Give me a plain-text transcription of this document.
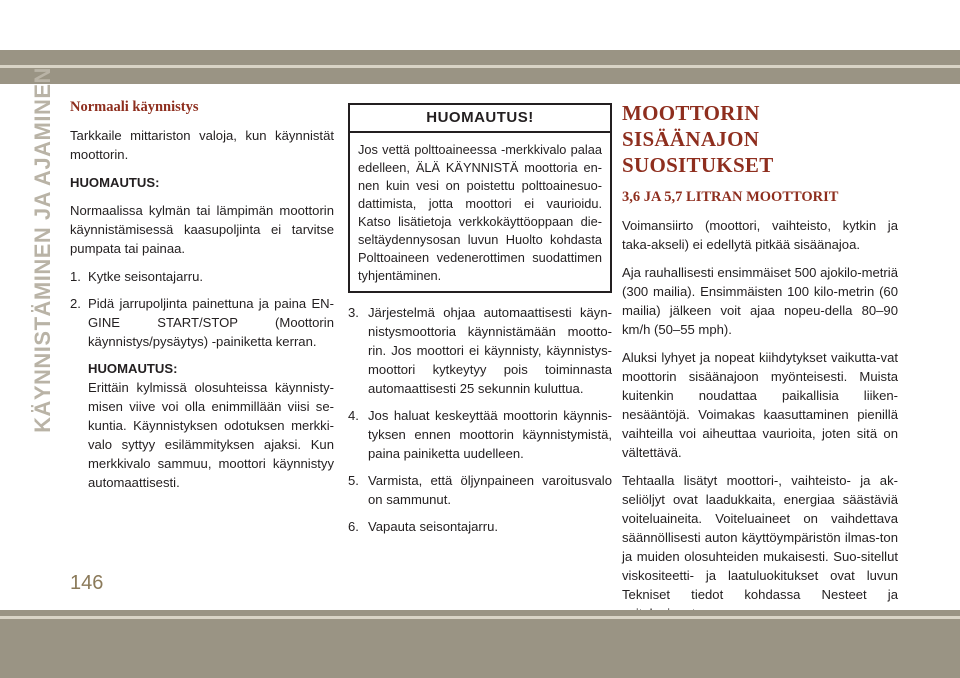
KÄYNNISTÄMINEN JA AJAMINEN Normaali käynnistys

Tarkkaile mittariston valoja, kun käynnistät moottorin.

HUOMAUTUS:

Normaalissa kylmän tai lämpimän moottorin käynnistämisessä kaasupoljinta ei tarvitse pumpata tai painaa.

1. Kytke seisontajarru.
2. Pidä jarrupoljinta painettuna ja paina EN-GINE START/STOP (Moottorin käynnistys/pysäytys) -painiketta kerran.

HUOMAUTUS:

Erittäin kylmissä olosuhteissa käynnisty-misen viive voi olla enimmillään viisi se-kuntia. Käynnistyksen odotuksen merkki-valo syttyy esilämmityksen ajaksi. Kun merkkivalo sammuu, moottori käynnistyy automaattisesti.

HUOMAUTUS!
Jos vettä polttoaineessa -merkkivalo palaa edelleen, ÄLÄ KÄYNNISTÄ moottoria en-nen kuin vesi on poistettu polttoainesuo-dattimista, jotta moottori ei vaurioidu. Katso lisätietoja verkkokäyttöoppaan die-seltäydennysosan luvun Huolto kohdasta Polttoaineen vedenerottimen suodattimen tyhjentäminen.
3. Järjestelmä ohjaa automaattisesti käyn-nistysmoottoria käynnistämään mootto-rin. Jos moottori ei käynnisty, käynnistys-moottori kytkeytyy pois toiminnasta automaattisesti 25 sekunnin kuluttua.
4. Jos haluat keskeyttää moottorin käynnis-tyksen ennen moottorin käynnistymistä, paina painiketta uudelleen.
5. Varmista, että öljynpaineen varoitusvalo on sammunut.
6. Vapauta seisontajarru.
MOOTTORIN SISÄÄNAJON
SUOSITUKSET

3,6 JA 5,7 LITRAN MOOTTORIT

Voimansiirto (moottori, vaihteisto, kytkin ja taka-akseli) ei edellytä pitkää sisäänajoa.

Aja rauhallisesti ensimmäiset 500 ajokilo-metriä (300 mailia). Ensimmäisten 100 kilo-metrin (60 mailia) jälkeen voit ajaa nopeu-della 80–90 km/h (50–55 mph).

Aluksi lyhyet ja nopeat kiihdytykset vaikutta-vat moottorin sisäänajoon myönteisesti. Muista kuitenkin noudattaa paikallisia liiken-nesääntöjä. Voimakas kaasuttaminen pienillä vaihteilla voi aiheuttaa vaurioita, joten sitä on vältettävä.

Tehtaalla lisätyt moottori-, vaihteisto- ja ak-seliöljyt ovat laadukkaita, energiaa säästäviä voiteluaineita. Voiteluaineet on vaihdettava säännöllisesti auton käyttöympäristön ilmas-ton ja muiden olosuhteiden mukaisesti. Suo-sitellut viskositeetti- ja laatuluokitukset ovat luvun Tekniset tiedot kohdassa Nesteet ja

146
